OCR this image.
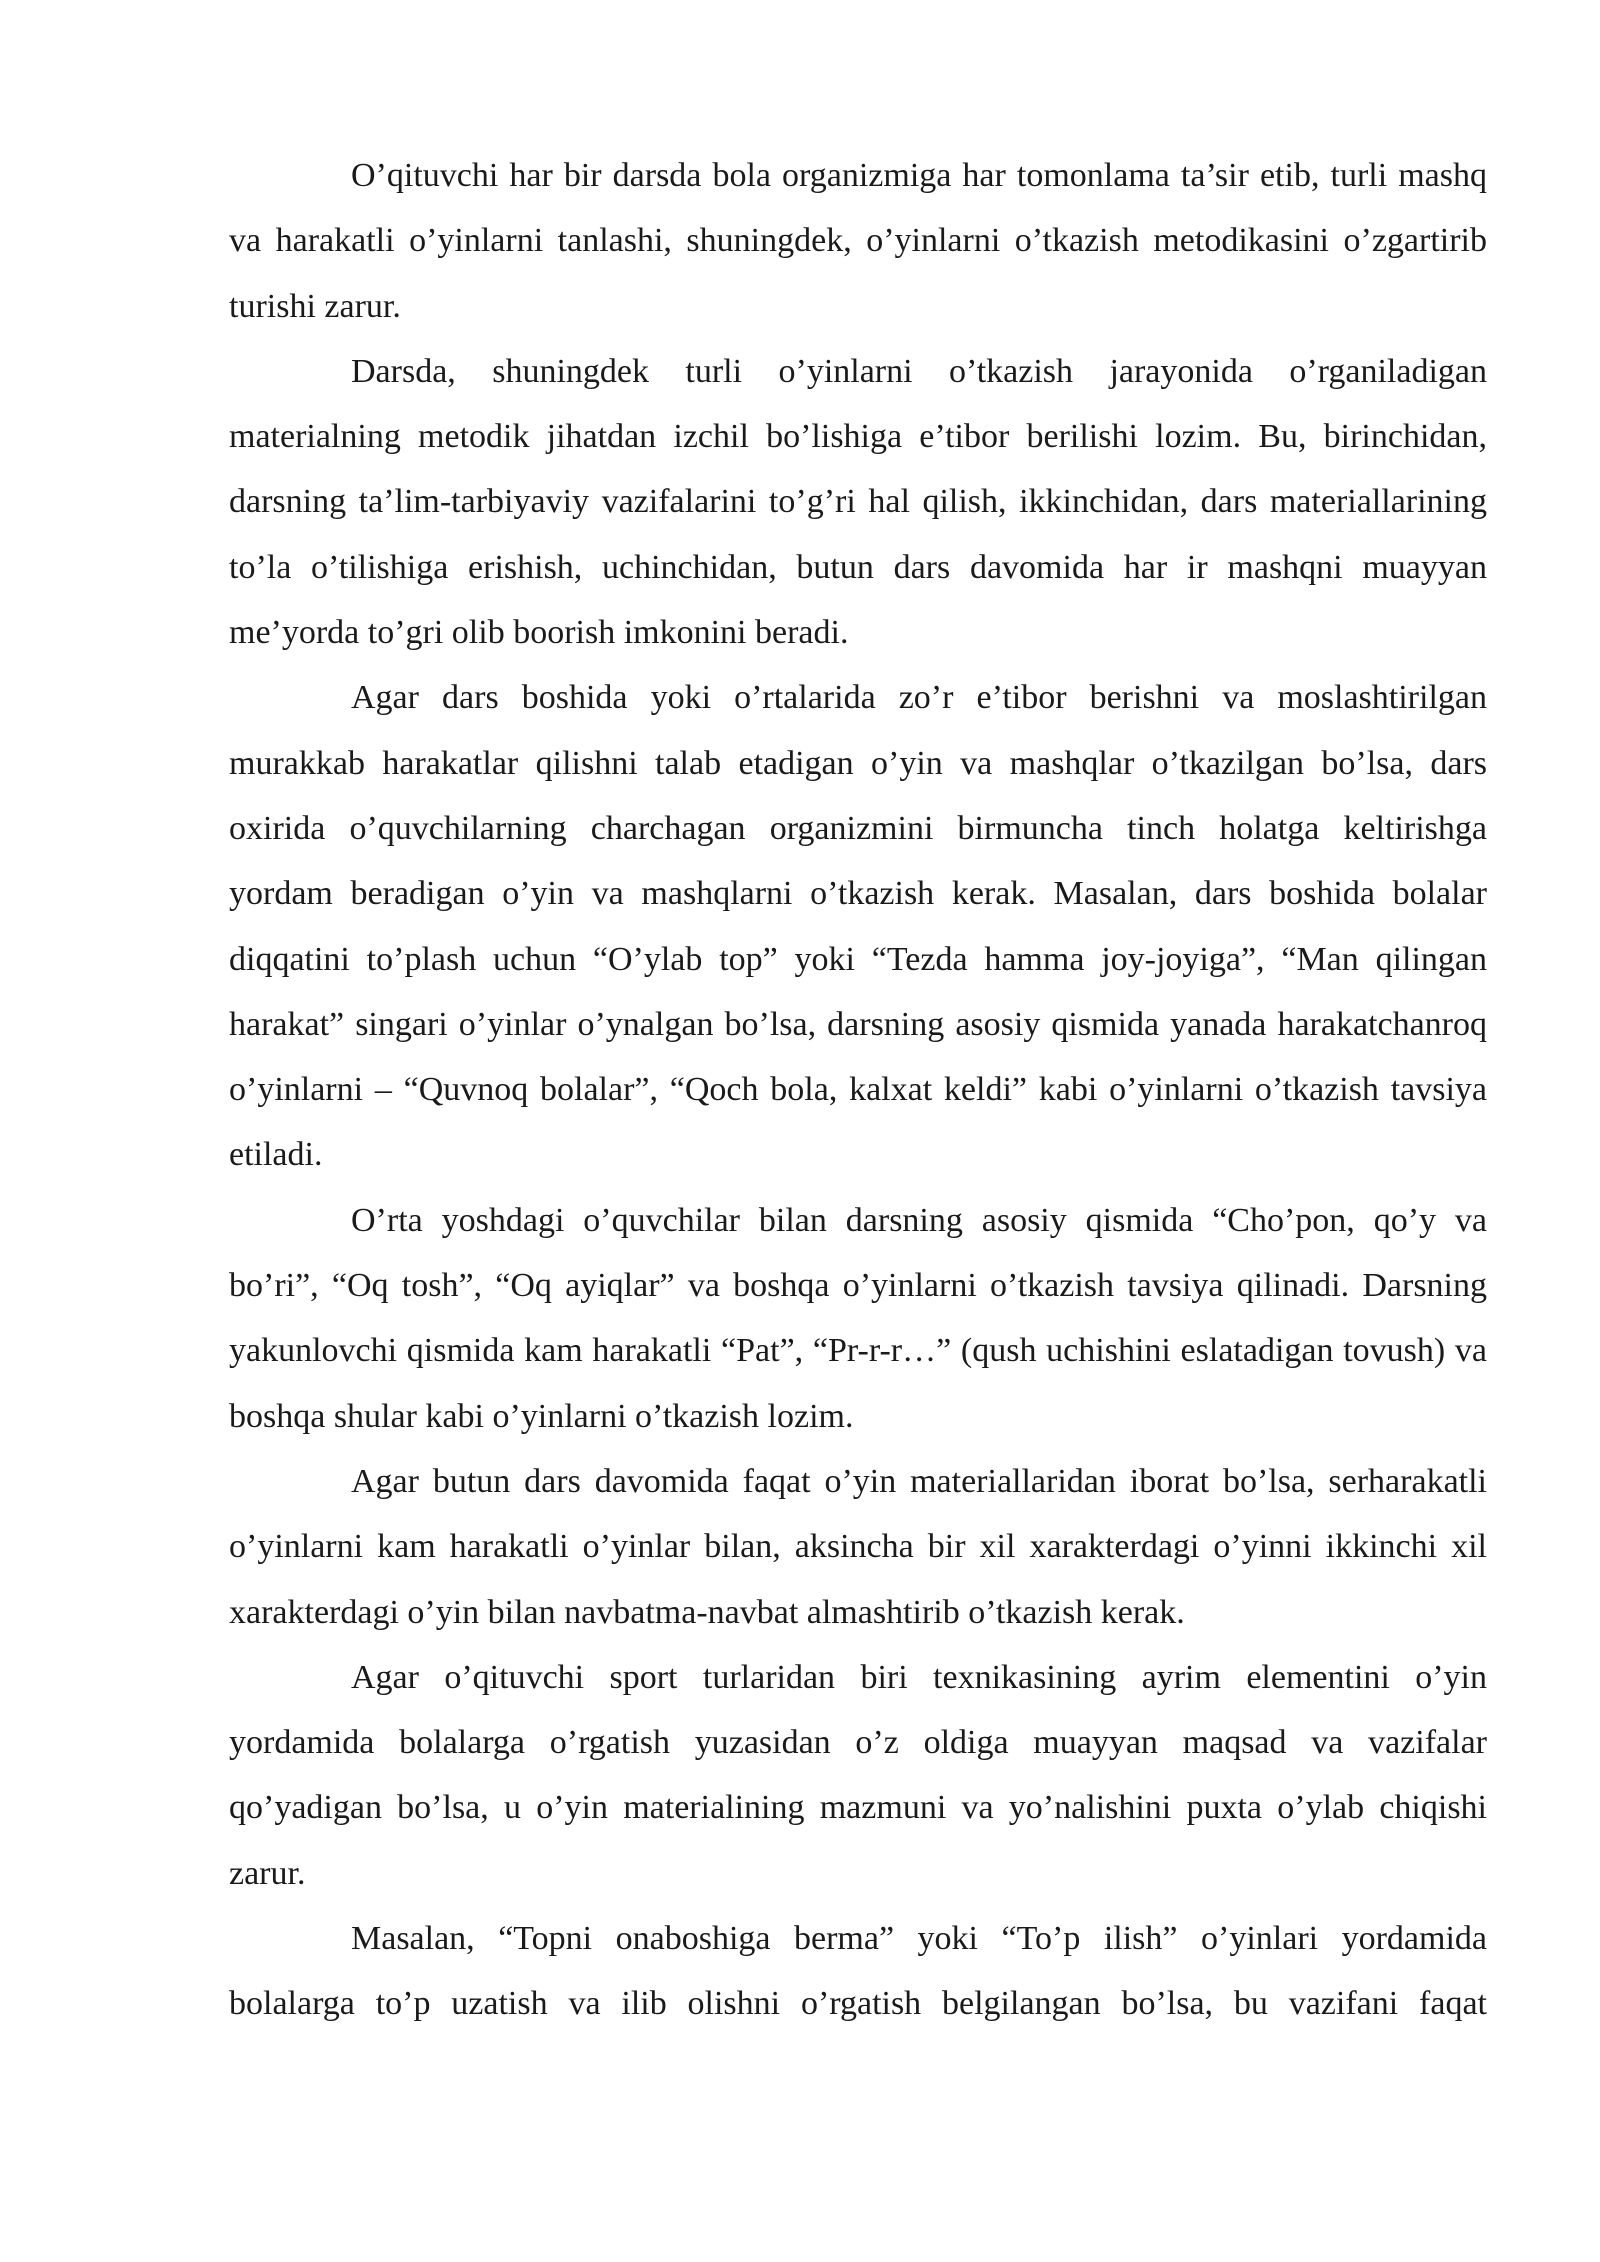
O’qituvchi har bir darsda bola organizmiga har tomonlama ta’sir etib, turli mashq va harakatli o’yinlarni tanlashi, shuningdek, o’yinlarni o’tkazish metodikasini o’zgartirib turishi zarur.

Darsda, shuningdek turli o’yinlarni o’tkazish jarayonida o’rganiladigan materialning metodik jihatdan izchil bo’lishiga e’tibor berilishi lozim. Bu, birinchidan, darsning ta’lim-tarbiyaviy vazifalarini to’g’ri hal qilish, ikkinchidan, dars materiallarining to’la o’tilishiga erishish, uchinchidan, butun dars davomida har ir mashqni muayyan me’yorda to’gri olib boorish imkonini beradi.

Agar dars boshida yoki o’rtalarida zo’r e’tibor berishni va moslashtirilgan murakkab harakatlar qilishni talab etadigan o’yin va mashqlar o’tkazilgan bo’lsa, dars oxirida o’quvchilarning charchagan organizmini birmuncha tinch holatga keltirishga yordam beradigan o’yin va mashqlarni o’tkazish kerak. Masalan, dars boshida bolalar diqqatini to’plash uchun “O’ylab top” yoki “Tezda hamma joy-joyiga”, “Man qilingan harakat” singari o’yinlar o’ynalgan bo’lsa, darsning asosiy qismida yanada harakatchanroq o’yinlarni – “Quvnoq bolalar”, “Qoch bola, kalxat keldi” kabi o’yinlarni o’tkazish tavsiya etiladi.

O’rta yoshdagi o’quvchilar bilan darsning asosiy qismida “Cho’pon, qo’y va bo’ri”, “Oq tosh”, “Oq ayiqlar” va boshqa o’yinlarni o’tkazish tavsiya qilinadi. Darsning yakunlovchi qismida kam harakatli “Pat”, “Pr-r-r…” (qush uchishini eslatadigan tovush) va boshqa shular kabi o’yinlarni o’tkazish lozim.

Agar butun dars davomida faqat o’yin materiallaridan iborat bo’lsa, serharakatli o’yinlarni kam harakatli o’yinlar bilan, aksincha bir xil xarakterdagi o’yinni ikkinchi xil xarakterdagi o’yin bilan navbatma-navbat almashtirib o’tkazish kerak.

Agar o’qituvchi sport turlaridan biri texnikasining ayrim elementini o’yin yordamida bolalarga o’rgatish yuzasidan o’z oldiga muayyan maqsad va vazifalar qo’yadigan bo’lsa, u o’yin materialining mazmuni va yo’nalishini puxta o’ylab chiqishi zarur.

Masalan, “Topni onaboshiga berma” yoki “To’p ilish” o’yinlari yordamida bolalarga to’p uzatish va ilib olishni o’rgatish belgilangan bo’lsa, bu vazifani faqat
